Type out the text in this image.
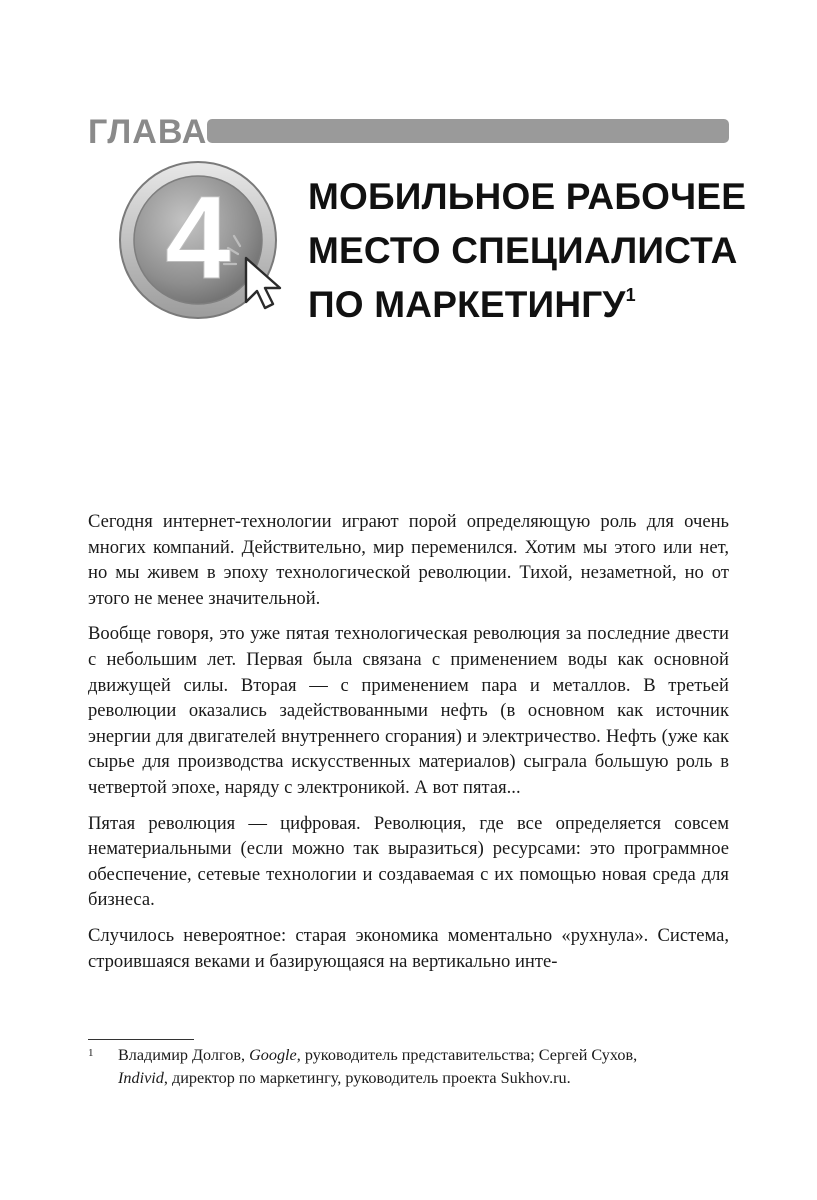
ГЛАВА
4 МОБИЛЬНОЕ РАБОЧЕЕ
МЕСТО СПЕЦИАЛИСТА
ПО МАРКЕТИНГУ$^1$

Сегодня интернет-технологии играют порой определяющую роль для очень многих компаний. Действительно, мир переменился. Хотим мы этого или нет, но мы живем в эпоху технологической революции. Тихой, незаметной, но от этого не менее значительной.

Вообще говоря, это уже пятая технологическая революция за последние двести с небольшим лет. Первая была связана с применением воды как основной движущей силы. Вторая — с применением пара и металлов. В третьей революции оказались задействованными нефть (в основном как источник энергии для двигателей внутреннего сгорания) и электричество. Нефть (уже как сырье для производства искусственных материалов) сыграла большую роль в четвертой эпохе, наряду с электроникой. А вот пятая...

Пятая революция — цифровая. Революция, где все определяется совсем нематериальными (если можно так выразиться) ресурсами: это программное обеспечение, сетевые технологии и создаваемая с их помощью новая среда для бизнеса.

Случилось невероятное: старая экономика моментально «рухнула». Система, строившаяся веками и базирующаяся на вертикально инте-

1 Владимир Долгов, Google, руководитель представительства; Сергей Сухов,
Individ, директор по маркетингу, руководитель проекта Sukhov.ru.
